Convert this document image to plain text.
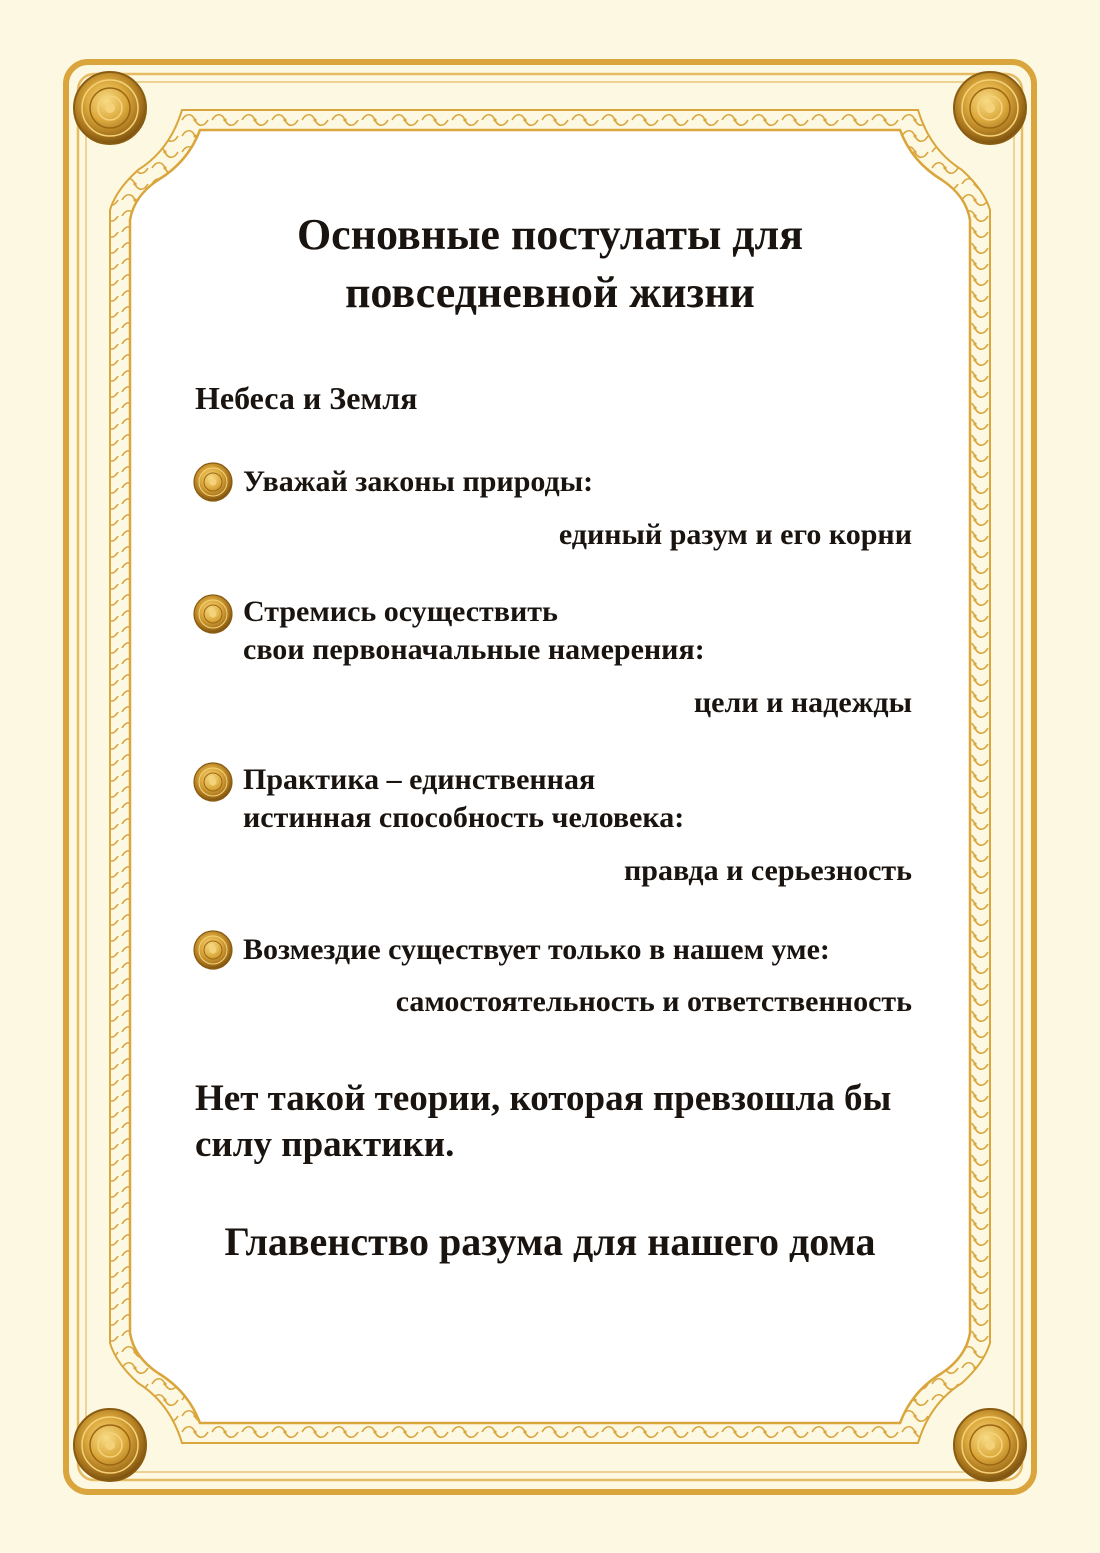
Основные постулаты для
повседневной жизни
Небеса и Земля
Уважай законы природы:
единый разум и его корни
Стремись осуществить
свои первоначальные намерения:
цели и надежды
Практика – единственная
истинная способность человека:
правда и серьезность
Возмездие существует только в нашем уме:
самостоятельность и ответственность
Нет такой теории, которая превзошла бы
силу практики.
Главенство разума для нашего дома
